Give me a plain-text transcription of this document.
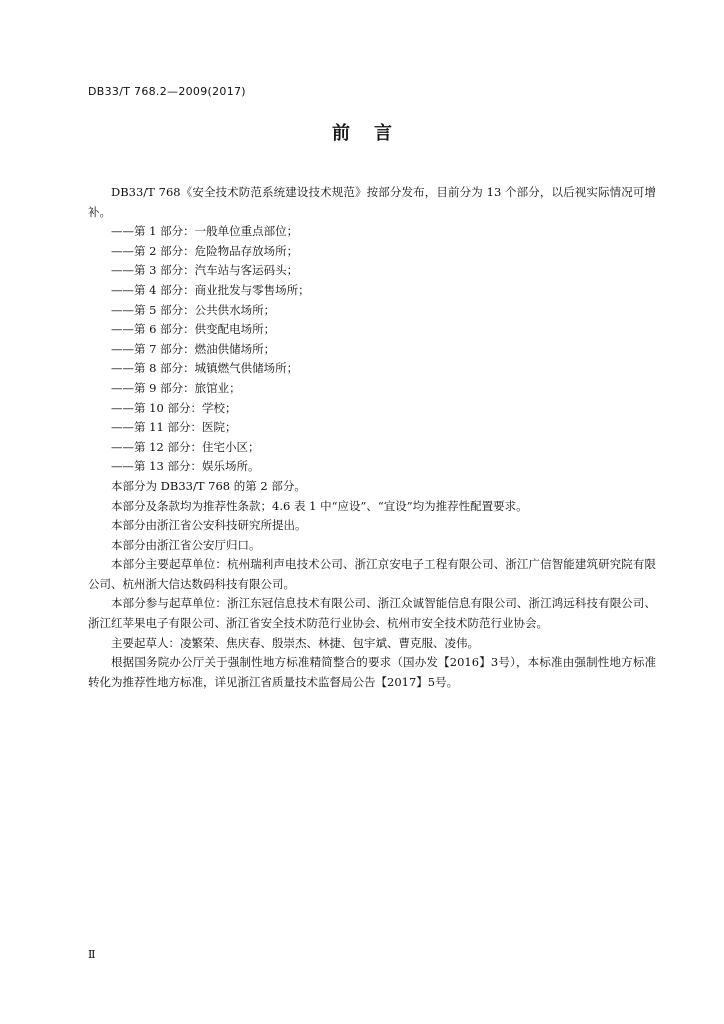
DB33/T 768.2—2009(2017)
前言

DB33/T 768《安全技术防范系统建设技术规范》按部分发布，目前分为 13 个部分，以后视实际情况可增补。

——第 1 部分：一般单位重点部位；

——第 2 部分：危险物品存放场所；

——第 3 部分：汽车站与客运码头；

——第 4 部分：商业批发与零售场所；

——第 5 部分：公共供水场所；

——第 6 部分：供变配电场所；

——第 7 部分：燃油供储场所；

——第 8 部分：城镇燃气供储场所；

——第 9 部分：旅馆业；

——第 10 部分：学校；

——第 11 部分：医院；

——第 12 部分：住宅小区；

——第 13 部分：娱乐场所。

本部分为 DB33/T 768 的第 2 部分。

本部分及条款均为推荐性条款；4.6 表 1 中“应设”、“宜设”均为推荐性配置要求。

本部分由浙江省公安科技研究所提出。

本部分由浙江省公安厅归口。

本部分主要起草单位：杭州瑞利声电技术公司、浙江京安电子工程有限公司、浙江广信智能建筑研究院有限公司、杭州浙大信达数码科技有限公司。

本部分参与起草单位：浙江东冠信息技术有限公司、浙江众诚智能信息有限公司、浙江鸿远科技有限公司、浙江红苹果电子有限公司、浙江省安全技术防范行业协会、杭州市安全技术防范行业协会。

主要起草人：凌繁荣、焦庆春、殷崇杰、林捷、包宇斌、曹克服、凌伟。

根据国务院办公厅关于强制性地方标准精简整合的要求（国办发【2016】3号），本标准由强制性地方标准转化为推荐性地方标准，详见浙江省质量技术监督局公告【2017】5号。

Ⅱ
